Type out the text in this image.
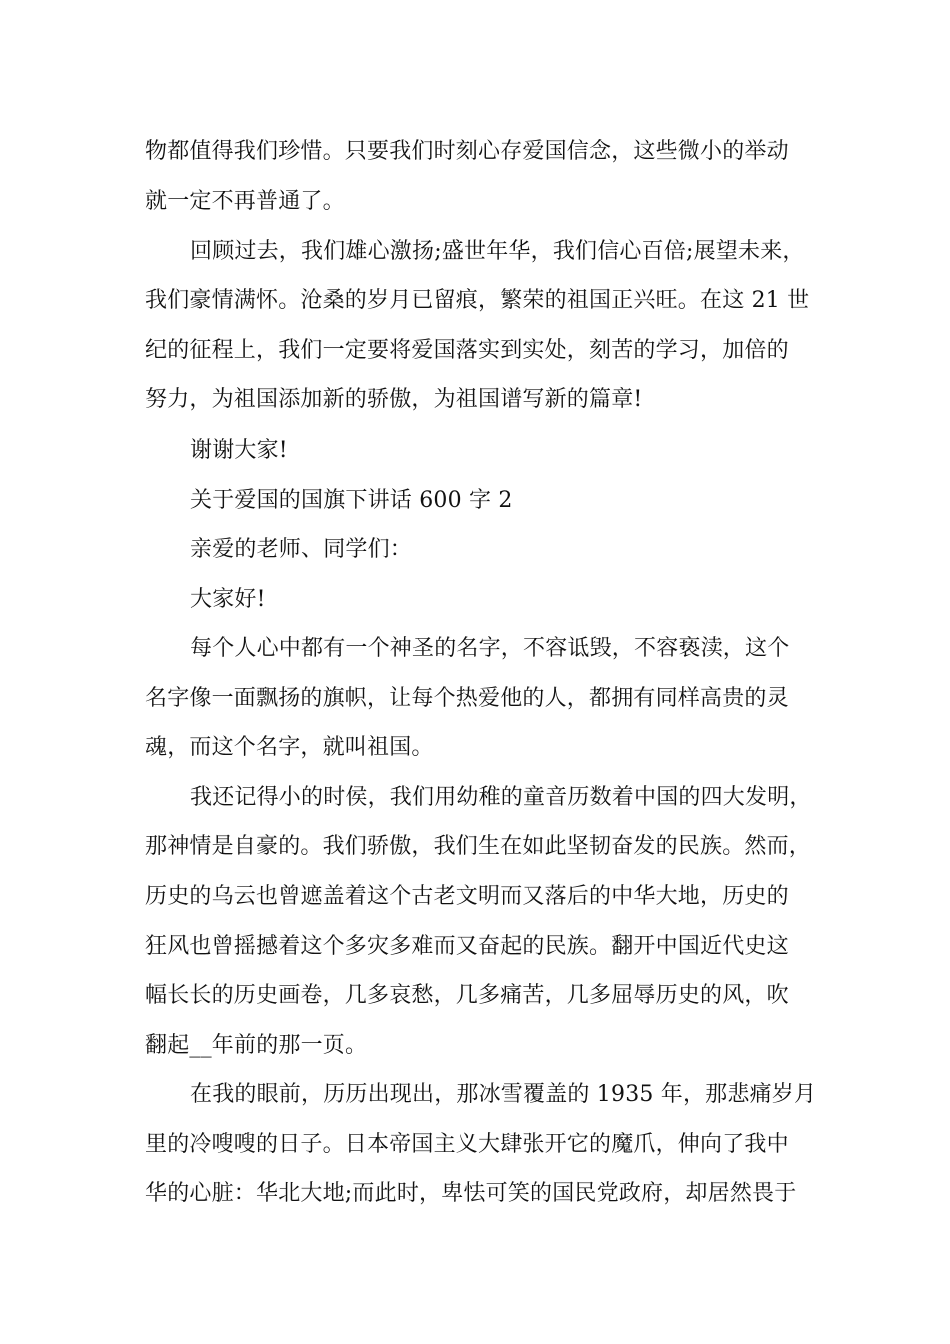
物都值得我们珍惜。只要我们时刻心存爱国信念，这些微小的举动
就一定不再普通了。
回顾过去，我们雄心激扬;盛世年华，我们信心百倍;展望未来，
我们豪情满怀。沧桑的岁月已留痕，繁荣的祖国正兴旺。在这 21 世
纪的征程上，我们一定要将爱国落实到实处，刻苦的学习，加倍的
努力，为祖国添加新的骄傲，为祖国谱写新的篇章!
谢谢大家!
关于爱国的国旗下讲话 600 字 2
亲爱的老师、同学们：
大家好!
每个人心中都有一个神圣的名字，不容诋毁，不容亵渎，这个
名字像一面飘扬的旗帜，让每个热爱他的人，都拥有同样高贵的灵
魂，而这个名字，就叫祖国。
我还记得小的时侯，我们用幼稚的童音历数着中国的四大发明，
那神情是自豪的。我们骄傲，我们生在如此坚韧奋发的民族。然而，
历史的乌云也曾遮盖着这个古老文明而又落后的中华大地，历史的
狂风也曾摇撼着这个多灾多难而又奋起的民族。翻开中国近代史这
幅长长的历史画卷，几多哀愁，几多痛苦，几多屈辱历史的风，吹
翻起__年前的那一页。
在我的眼前，历历出现出，那冰雪覆盖的 1935 年，那悲痛岁月
里的冷嗖嗖的日子。日本帝国主义大肆张开它的魔爪，伸向了我中
华的心脏：华北大地;而此时，卑怯可笑的国民党政府，却居然畏于
